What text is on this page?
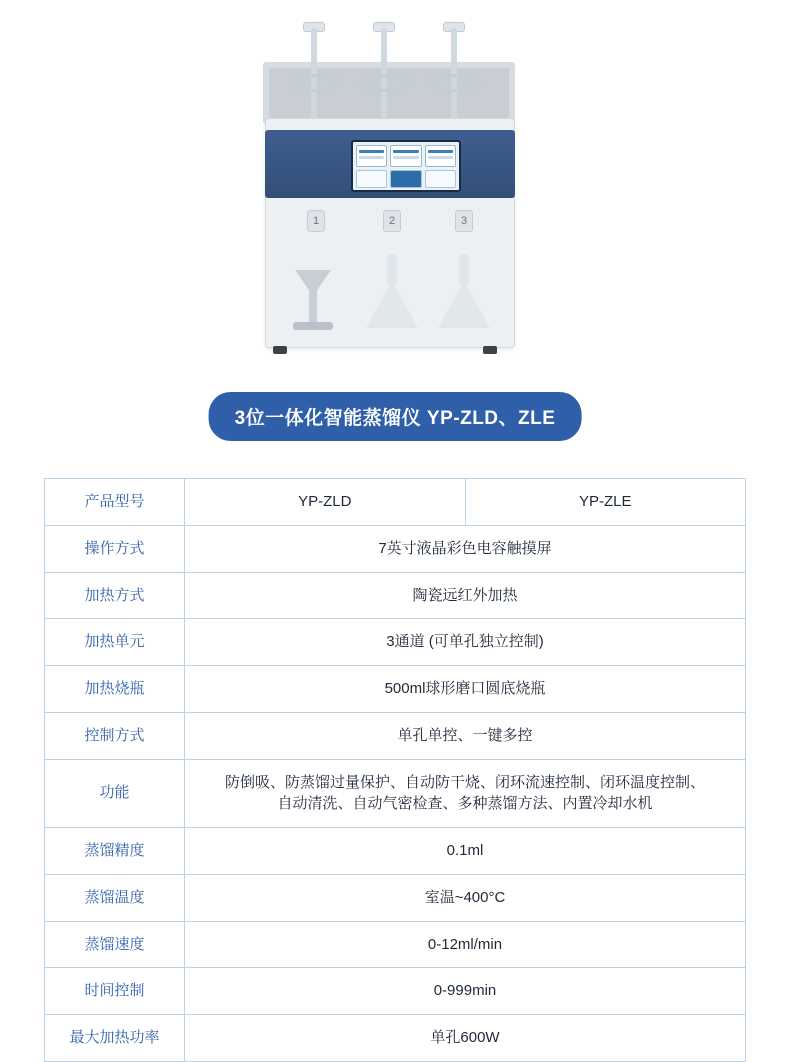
1	2	3
3位一体化智能蒸馏仪 YP-ZLD、ZLE
产品型号	YP-ZLD	YP-ZLE
操作方式	7英寸液晶彩色电容触摸屏	
加热方式	陶瓷远红外加热	
加热单元	3通道 (可单孔独立控制)	
加热烧瓶	500ml球形磨口圆底烧瓶	
控制方式	单孔单控、一键多控	
功能	防倒吸、防蒸馏过量保护、自动防干烧、闭环流速控制、闭环温度控制、
自动清洗、自动气密检查、多种蒸馏方法、内置冷却水机	

蒸馏精度	0.1ml	
蒸馏温度	室温~400°C	
蒸馏速度	0-12ml/min	
时间控制	0-999min	
最大加热功率	单孔600W	
